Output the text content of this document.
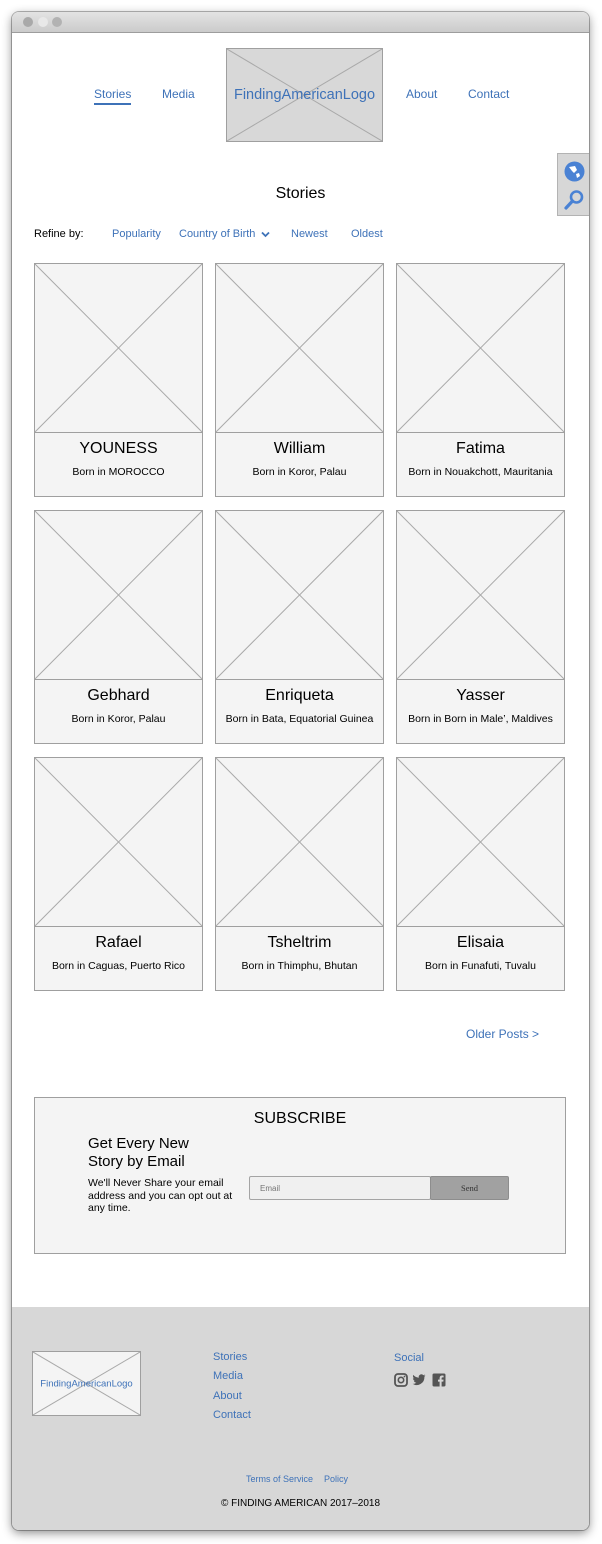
Stories	Media	FindingAmericanLogo	About	Contact
Stories
Refine by:	Popularity Country of Birth	Newest Oldest
YOUNESS
Born in MOROCCO
William
Born in Koror, Palau
Fatima
Born in Nouakchott, Mauritania
Gebhard
Born in Koror, Palau
Enriqueta
Born in Bata, Equatorial Guinea
Yasser
Born in Born in Male’, Maldives
Rafael
Born in Caguas, Puerto Rico
Tsheltrim
Born in Thimphu, Bhutan
Elisaia
Born in Funafuti, Tuvalu
Older Posts >
SUBSCRIBE
Get Every New Story by Email
We'll Never Share your email address and you can opt out at any time.
Email
Send
FindingAmericanLogo
Stories
Media
About
Contact
Social
Terms of Service Policy
© FINDING AMERICAN 2017–2018
